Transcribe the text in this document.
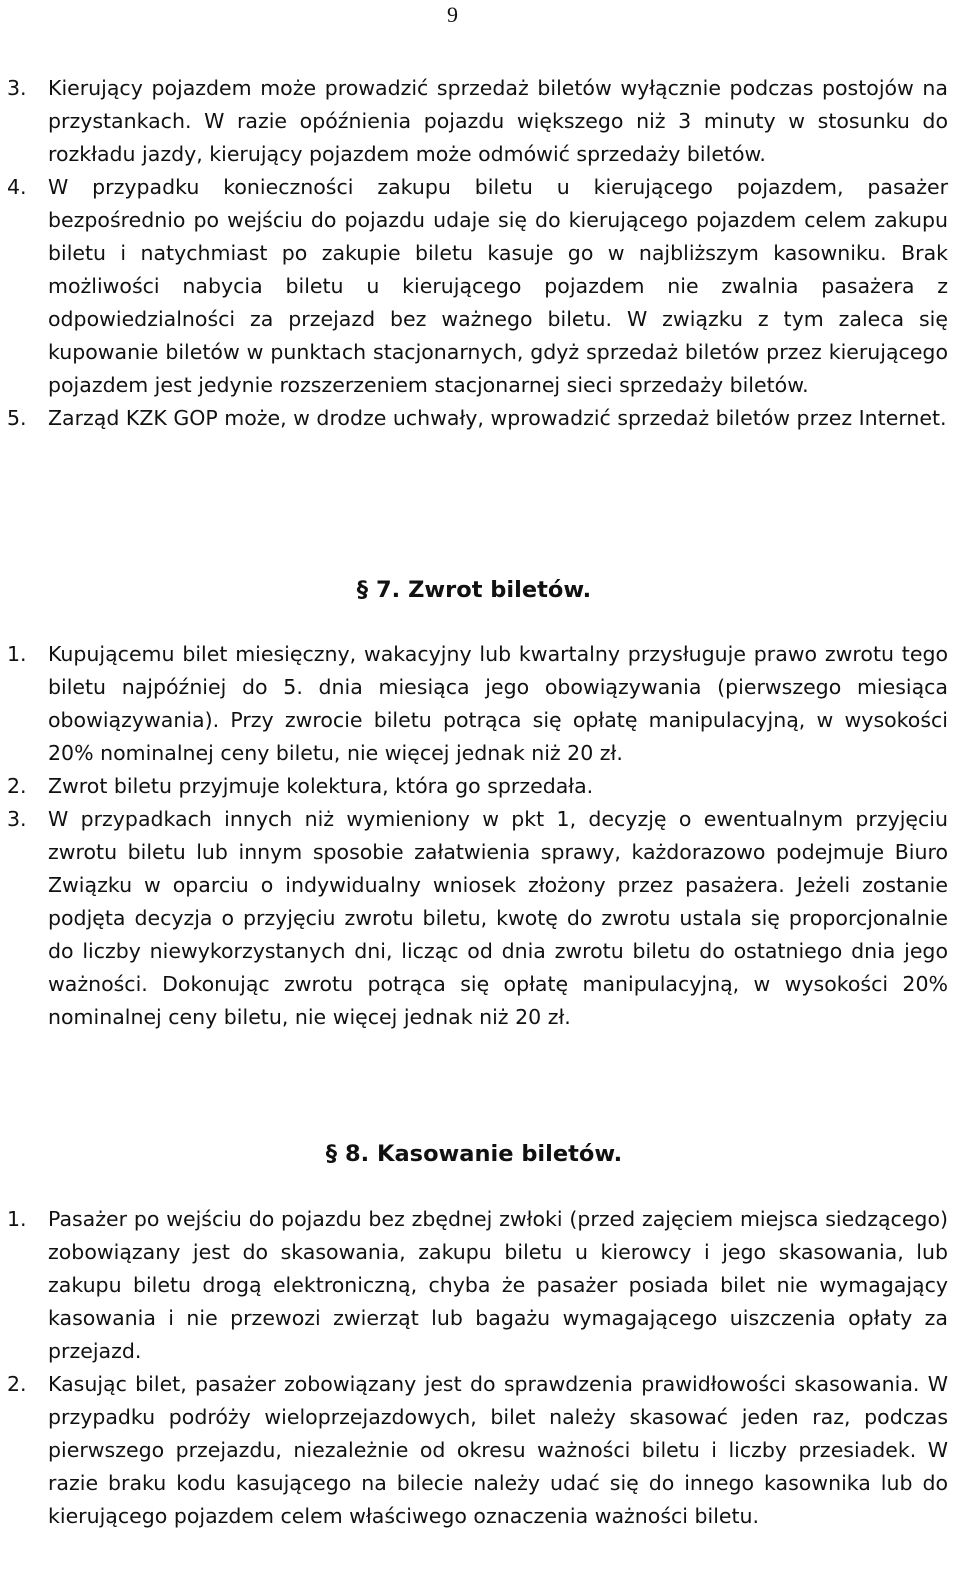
9
3. Kierujący pojazdem może prowadzić sprzedaż biletów wyłącznie podczas postojów na przystankach. W razie opóźnienia pojazdu większego niż 3 minuty w stosunku do rozkładu jazdy, kierujący pojazdem może odmówić sprzedaży biletów.
4. W przypadku konieczności zakupu biletu u kierującego pojazdem, pasażer bezpośrednio po wejściu do pojazdu udaje się do kierującego pojazdem celem zakupu biletu i natychmiast po zakupie biletu kasuje go w najbliższym kasowniku. Brak możliwości nabycia biletu u kierującego pojazdem nie zwalnia pasażera z odpowiedzialności za przejazd bez ważnego biletu. W związku z tym zaleca się kupowanie biletów w punktach stacjonarnych, gdyż sprzedaż biletów przez kierującego pojazdem jest jedynie rozszerzeniem stacjonarnej sieci sprzedaży biletów.
5. Zarząd KZK GOP może, w drodze uchwały, wprowadzić sprzedaż biletów przez Internet.
§ 7. Zwrot biletów.
1. Kupującemu bilet miesięczny, wakacyjny lub kwartalny przysługuje prawo zwrotu tego biletu najpóźniej do 5. dnia miesiąca jego obowiązywania (pierwszego miesiąca obowiązywania). Przy zwrocie biletu potrąca się opłatę manipulacyjną, w wysokości 20% nominalnej ceny biletu, nie więcej jednak niż 20 zł.
2. Zwrot biletu przyjmuje kolektura, która go sprzedała.
3. W przypadkach innych niż wymieniony w pkt 1, decyzję o ewentualnym przyjęciu zwrotu biletu lub innym sposobie załatwienia sprawy, każdorazowo podejmuje Biuro Związku w oparciu o indywidualny wniosek złożony przez pasażera. Jeżeli zostanie podjęta decyzja o przyjęciu zwrotu biletu, kwotę do zwrotu ustala się proporcjonalnie do liczby niewykorzystanych dni, licząc od dnia zwrotu biletu do ostatniego dnia jego ważności. Dokonując zwrotu potrąca się opłatę manipulacyjną, w wysokości 20% nominalnej ceny biletu, nie więcej jednak niż 20 zł.
§ 8. Kasowanie biletów.
1. Pasażer po wejściu do pojazdu bez zbędnej zwłoki (przed zajęciem miejsca siedzącego) zobowiązany jest do skasowania, zakupu biletu u kierowcy i jego skasowania, lub zakupu biletu drogą elektroniczną, chyba że pasażer posiada bilet nie wymagający kasowania i nie przewozi zwierząt lub bagażu wymagającego uiszczenia opłaty za przejazd.
2. Kasując bilet, pasażer zobowiązany jest do sprawdzenia prawidłowości skasowania. W przypadku podróży wieloprzejazdowych, bilet należy skasować jeden raz, podczas pierwszego przejazdu, niezależnie od okresu ważności biletu i liczby przesiadek. W razie braku kodu kasującego na bilecie należy udać się do innego kasownika lub do kierującego pojazdem celem właściwego oznaczenia ważności biletu.
